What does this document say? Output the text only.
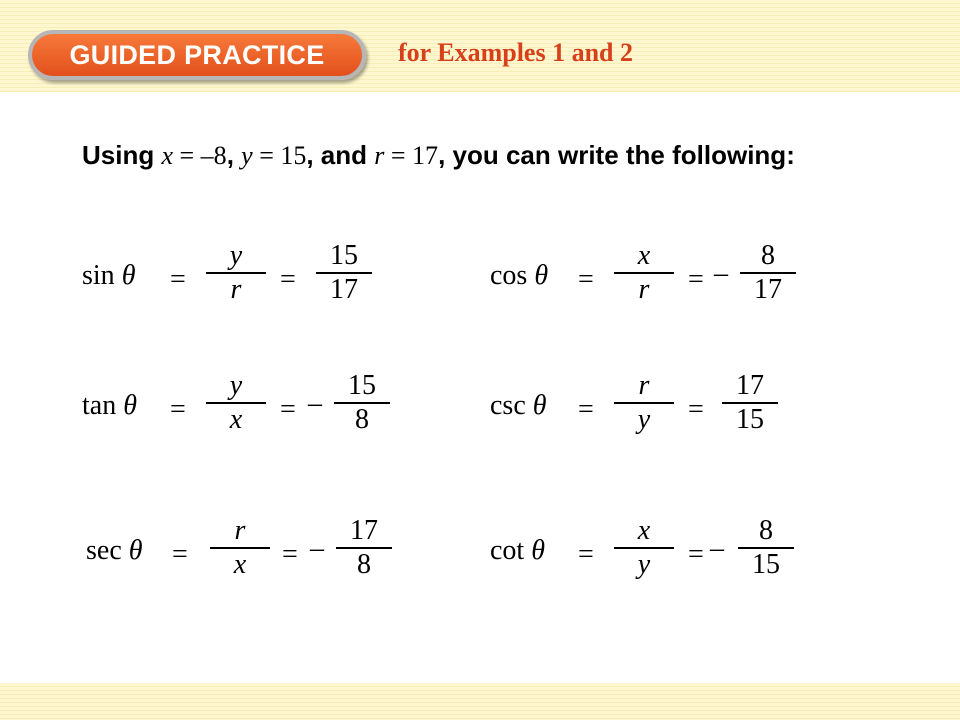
GUIDED PRACTICE	for Examples 1 and 2
Using x = –8, y = 15, and r = 17, you can write the following:
sin θ =
y
r	=
15
17	cos θ =
x
r	= –
8
17
tan θ =
y
x	= –
15
8	csc θ =
r
y	=
17
15
sec θ =
r
x	= –
17
8	cot θ =
x
y	= –
8
15
